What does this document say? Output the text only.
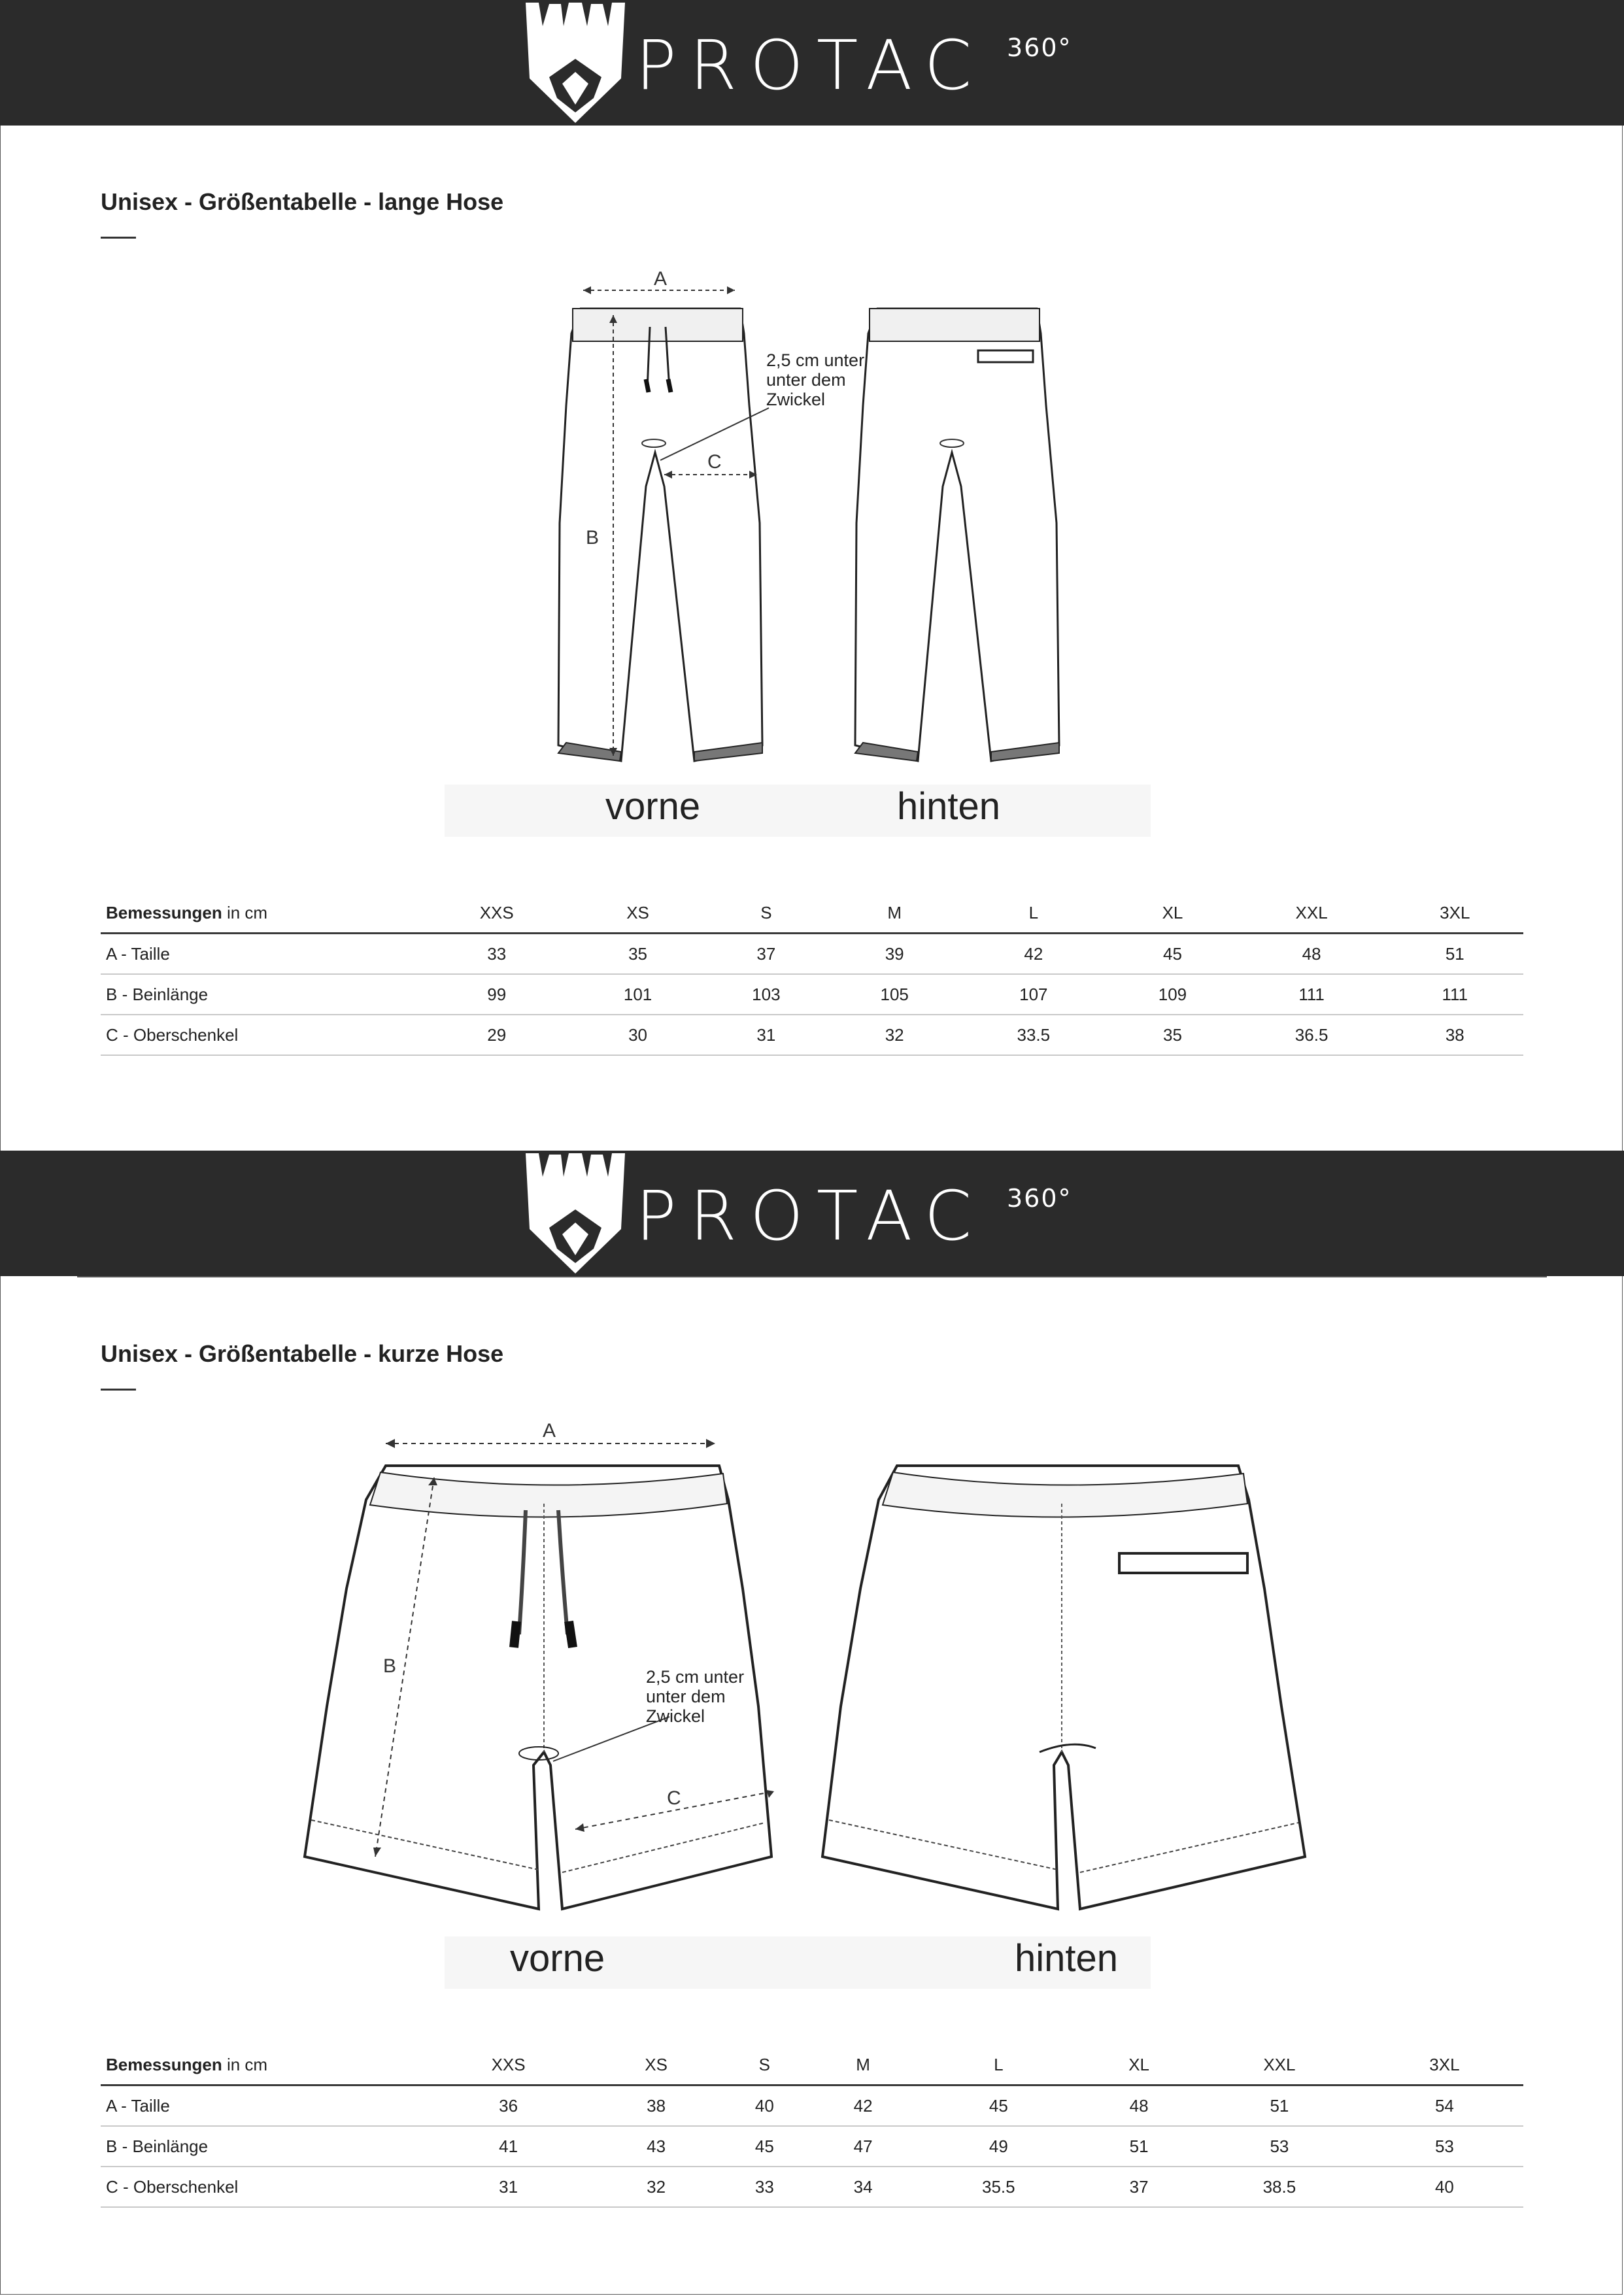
PROTAC 360°
Unisex - Größentabelle - lange Hose
A
B
C
2,5 cm unter unter dem Zwickel
vorne	hinten
Bemessungen in cm	XXS	XS	S	M	L	XL	XXL	3XL
A - Taille	33	35	37	39	42	45	48	51
B - Beinlänge	99	101	103	105	107	109	111	111
C - Oberschenkel	29	30	31	32	33.5	35	36.5	38
PROTAC 360°
Unisex - Größentabelle - kurze Hose
A
B
C
2,5 cm unter unter dem Zwickel
vorne	hinten
Bemessungen in cm	XXS	XS	S	M	L	XL	XXL	3XL
A - Taille	36	38	40	42	45	48	51	54
B - Beinlänge	41	43	45	47	49	51	53	53
C - Oberschenkel	31	32	33	34	35.5	37	38.5	40
